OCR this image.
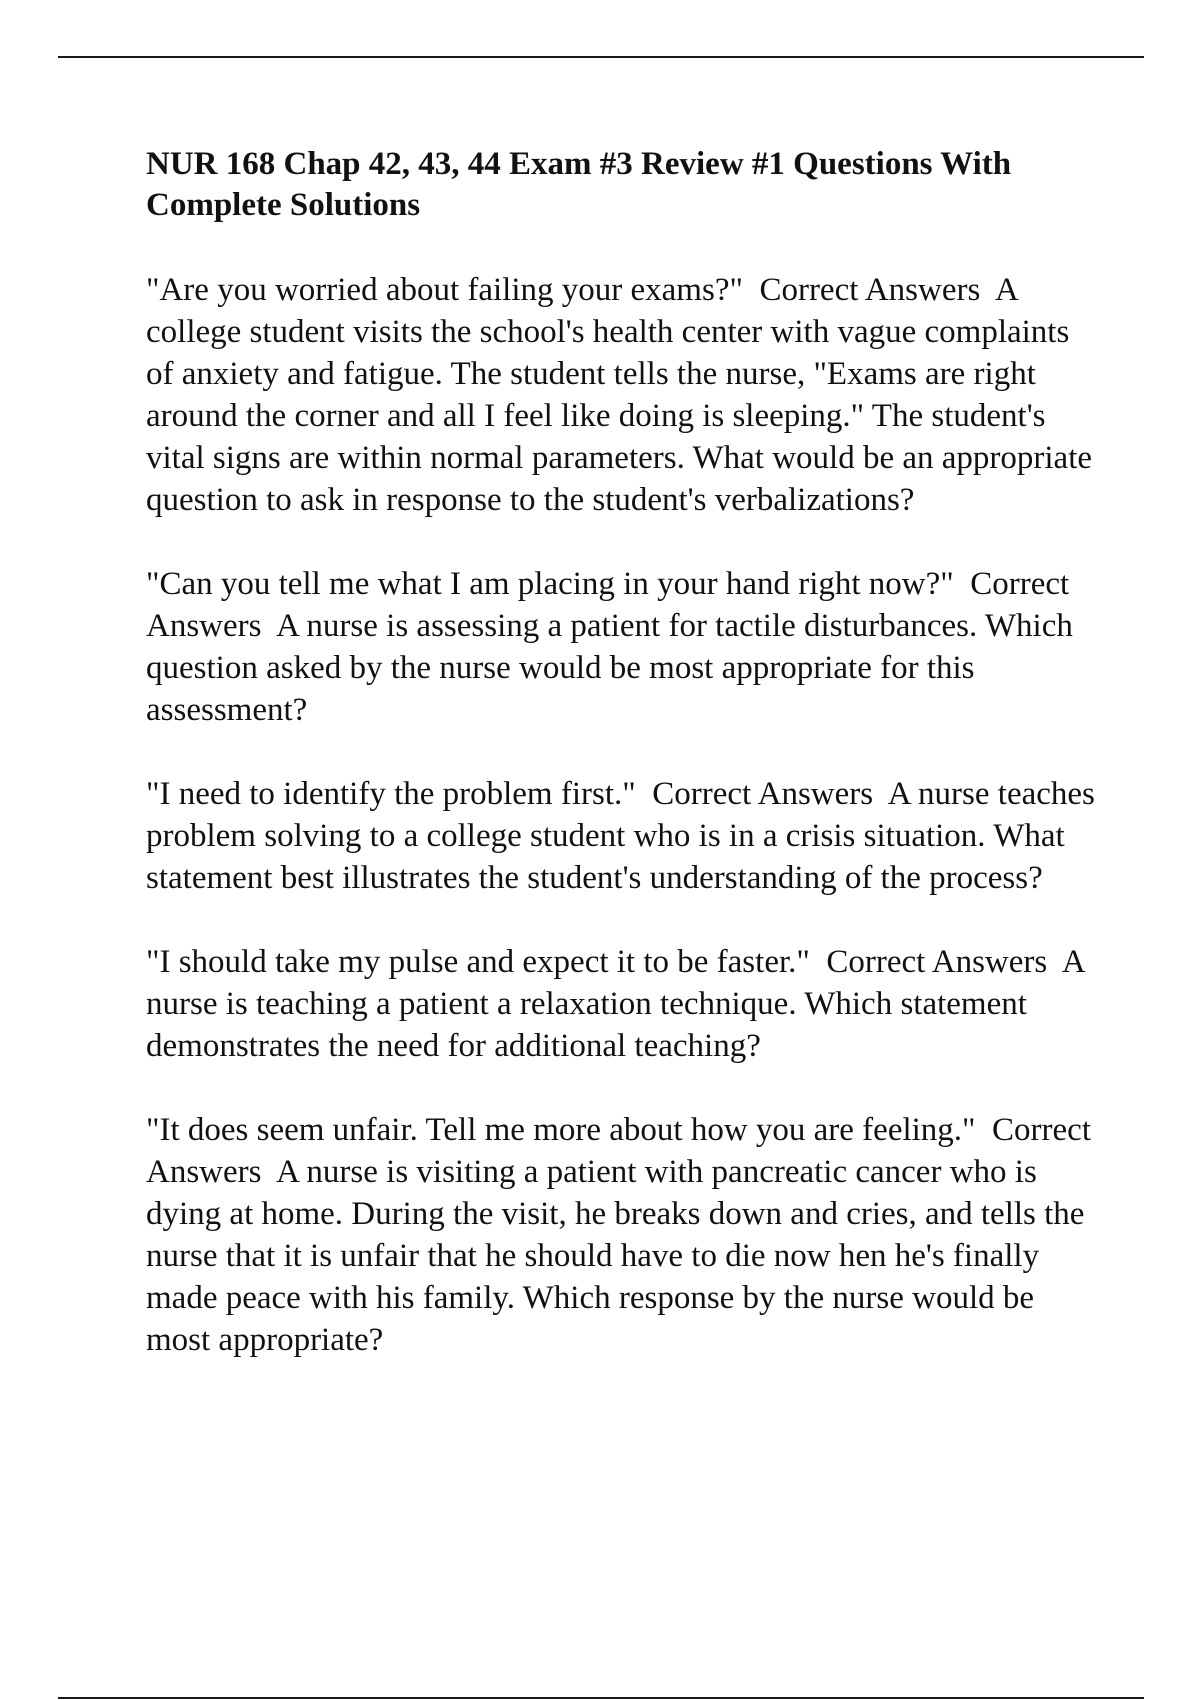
NUR 168 Chap 42, 43, 44 Exam #3 Review #1 Questions With Complete Solutions

"Are you worried about failing your exams?" Correct Answers A college student visits the school's health center with vague complaints of anxiety and fatigue. The student tells the nurse, "Exams are right around the corner and all I feel like doing is sleeping." The student's vital signs are within normal parameters. What would be an appropriate question to ask in response to the student's verbalizations?

"Can you tell me what I am placing in your hand right now?" Correct Answers A nurse is assessing a patient for tactile disturbances. Which question asked by the nurse would be most appropriate for this assessment?

"I need to identify the problem first." Correct Answers A nurse teaches problem solving to a college student who is in a crisis situation. What statement best illustrates the student's understanding of the process?

"I should take my pulse and expect it to be faster." Correct Answers A nurse is teaching a patient a relaxation technique. Which statement demonstrates the need for additional teaching?

"It does seem unfair. Tell me more about how you are feeling." Correct Answers A nurse is visiting a patient with pancreatic cancer who is dying at home. During the visit, he breaks down and cries, and tells the nurse that it is unfair that he should have to die now hen he's finally made peace with his family. Which response by the nurse would be most appropriate?
